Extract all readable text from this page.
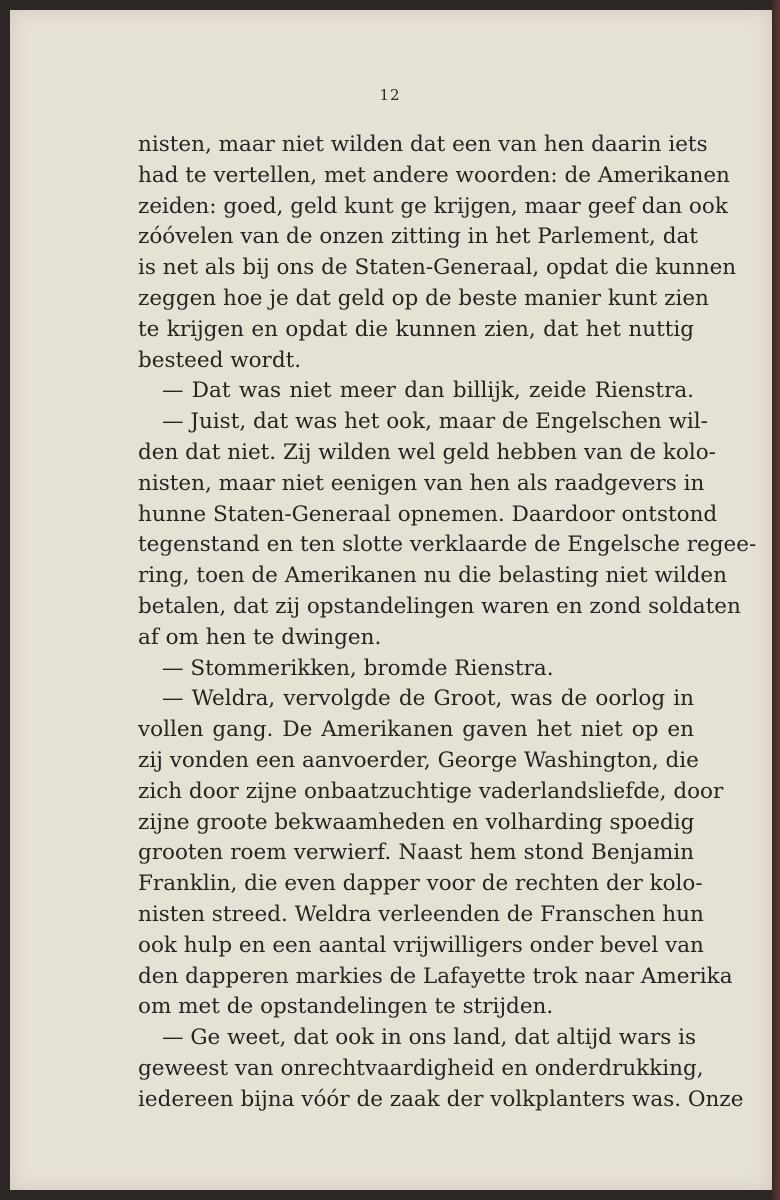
12
nisten, maar niet wilden dat een van hen daarin iets
had te vertellen, met andere woorden: de Amerikanen
zeiden: goed, geld kunt ge krijgen, maar geef dan ook
zóóvelen van de onzen zitting in het Parlement, dat
is net als bij ons de Staten-Generaal, opdat die kunnen
zeggen hoe je dat geld op de beste manier kunt zien
te krijgen en opdat die kunnen zien, dat het nuttig
besteed wordt.
— Dat was niet meer dan billijk, zeide Rienstra.
— Juist, dat was het ook, maar de Engelschen wil-
den dat niet. Zij wilden wel geld hebben van de kolo-
nisten, maar niet eenigen van hen als raadgevers in
hunne Staten-Generaal opnemen. Daardoor ontstond
tegenstand en ten slotte verklaarde de Engelsche regee-
ring, toen de Amerikanen nu die belasting niet wilden
betalen, dat zij opstandelingen waren en zond soldaten
af om hen te dwingen.
— Stommerikken, bromde Rienstra.
— Weldra, vervolgde de Groot, was de oorlog in
vollen gang. De Amerikanen gaven het niet op en
zij vonden een aanvoerder, George Washington, die
zich door zijne onbaatzuchtige vaderlandsliefde, door
zijne groote bekwaamheden en volharding spoedig
grooten roem verwierf. Naast hem stond Benjamin
Franklin, die even dapper voor de rechten der kolo-
nisten streed. Weldra verleenden de Franschen hun
ook hulp en een aantal vrijwilligers onder bevel van
den dapperen markies de Lafayette trok naar Amerika
om met de opstandelingen te strijden.
— Ge weet, dat ook in ons land, dat altijd wars is
geweest van onrechtvaardigheid en onderdrukking,
iedereen bijna vóór de zaak der volkplanters was. Onze
